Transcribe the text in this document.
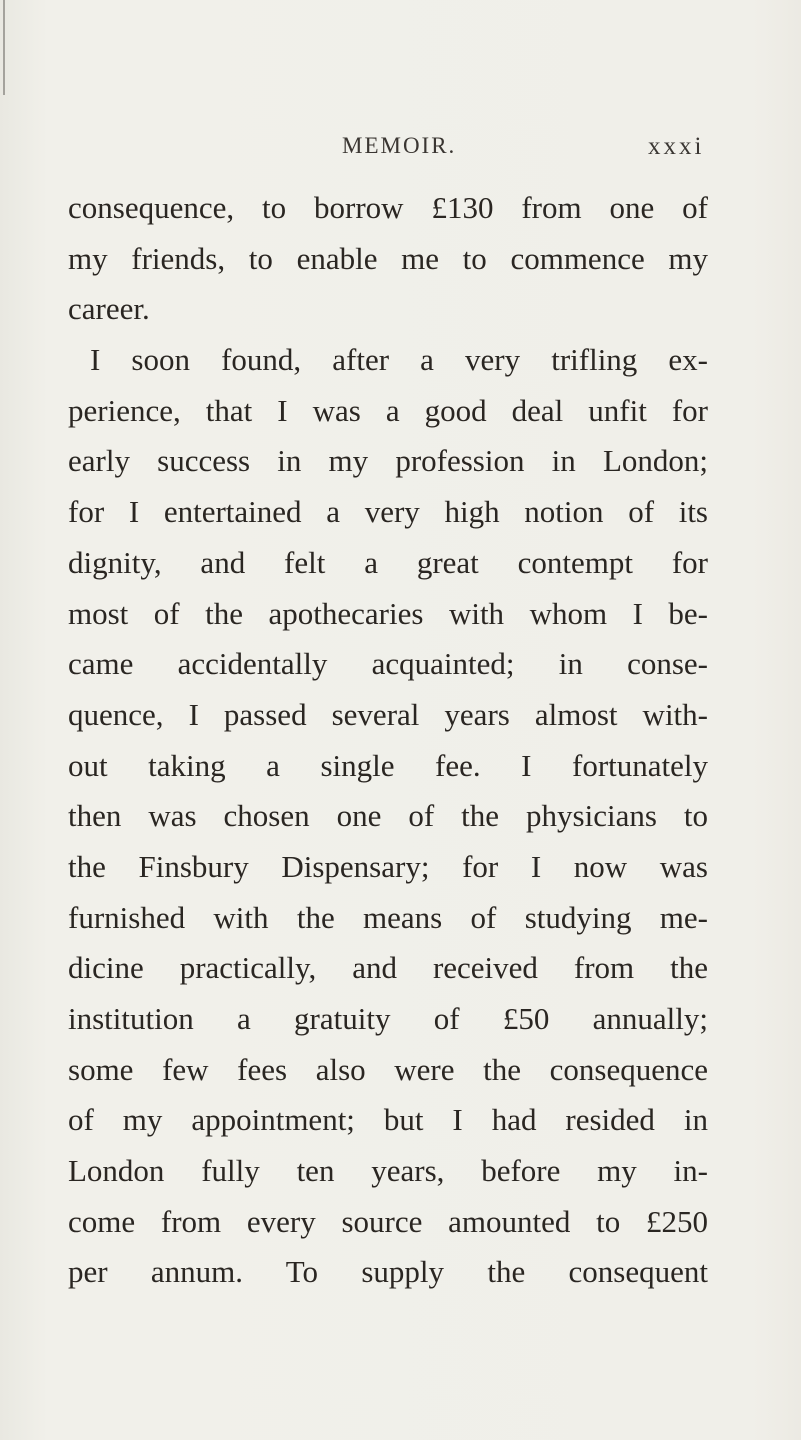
MEMOIR.	xxxi
consequence, to borrow £130 from one of
my friends, to enable me to commence my
career.
I soon found, after a very trifling ex-
perience, that I was a good deal unfit for
early success in my profession in London;
for I entertained a very high notion of its
dignity, and felt a great contempt for
most of the apothecaries with whom I be-
came accidentally acquainted; in conse-
quence, I passed several years almost with-
out taking a single fee. I fortunately
then was chosen one of the physicians to
the Finsbury Dispensary; for I now was
furnished with the means of studying me-
dicine practically, and received from the
institution a gratuity of £50 annually;
some few fees also were the consequence
of my appointment; but I had resided in
London fully ten years, before my in-
come from every source amounted to £250
per annum. To supply the consequent
